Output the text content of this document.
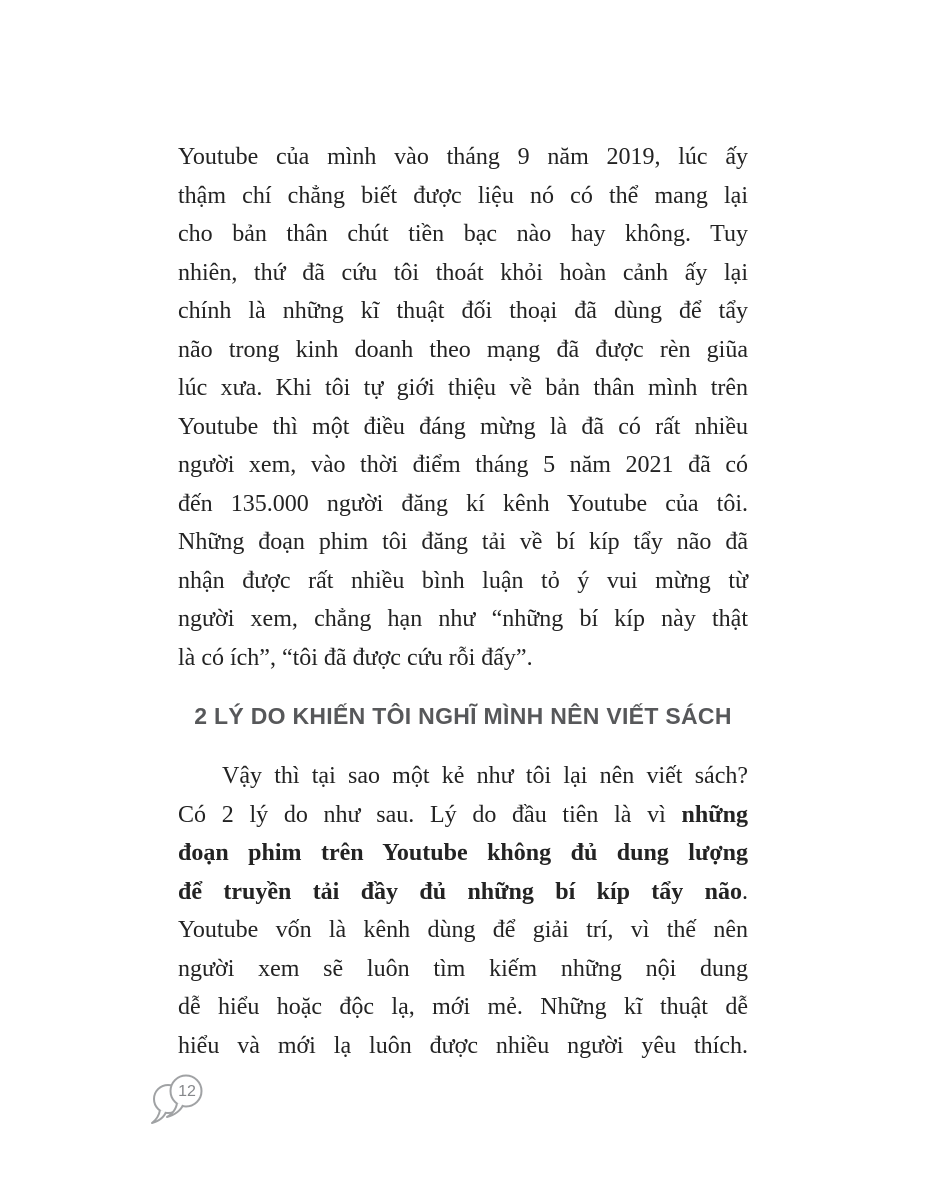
Youtube của mình vào tháng 9 năm 2019, lúc ấy
thậm chí chẳng biết được liệu nó có thể mang lại
cho bản thân chút tiền bạc nào hay không. Tuy
nhiên, thứ đã cứu tôi thoát khỏi hoàn cảnh ấy lại
chính là những kĩ thuật đối thoại đã dùng để tẩy
não trong kinh doanh theo mạng đã được rèn giũa
lúc xưa. Khi tôi tự giới thiệu về bản thân mình trên
Youtube thì một điều đáng mừng là đã có rất nhiều
người xem, vào thời điểm tháng 5 năm 2021 đã có
đến 135.000 người đăng kí kênh Youtube của tôi.
Những đoạn phim tôi đăng tải về bí kíp tẩy não đã
nhận được rất nhiều bình luận tỏ ý vui mừng từ
người xem, chẳng hạn như “những bí kíp này thật
là có ích”, “tôi đã được cứu rỗi đấy”.
2 LÝ DO KHIẾN TÔI NGHĨ MÌNH NÊN VIẾT SÁCH
Vậy thì tại sao một kẻ như tôi lại nên viết sách?
Có 2 lý do như sau. Lý do đầu tiên là vì những
đoạn phim trên Youtube không đủ dung lượng
để truyền tải đầy đủ những bí kíp tẩy não.
Youtube vốn là kênh dùng để giải trí, vì thế nên
người xem sẽ luôn tìm kiếm những nội dung
dễ hiểu hoặc độc lạ, mới mẻ. Những kĩ thuật dễ
hiểu và mới lạ luôn được nhiều người yêu thích.
12
